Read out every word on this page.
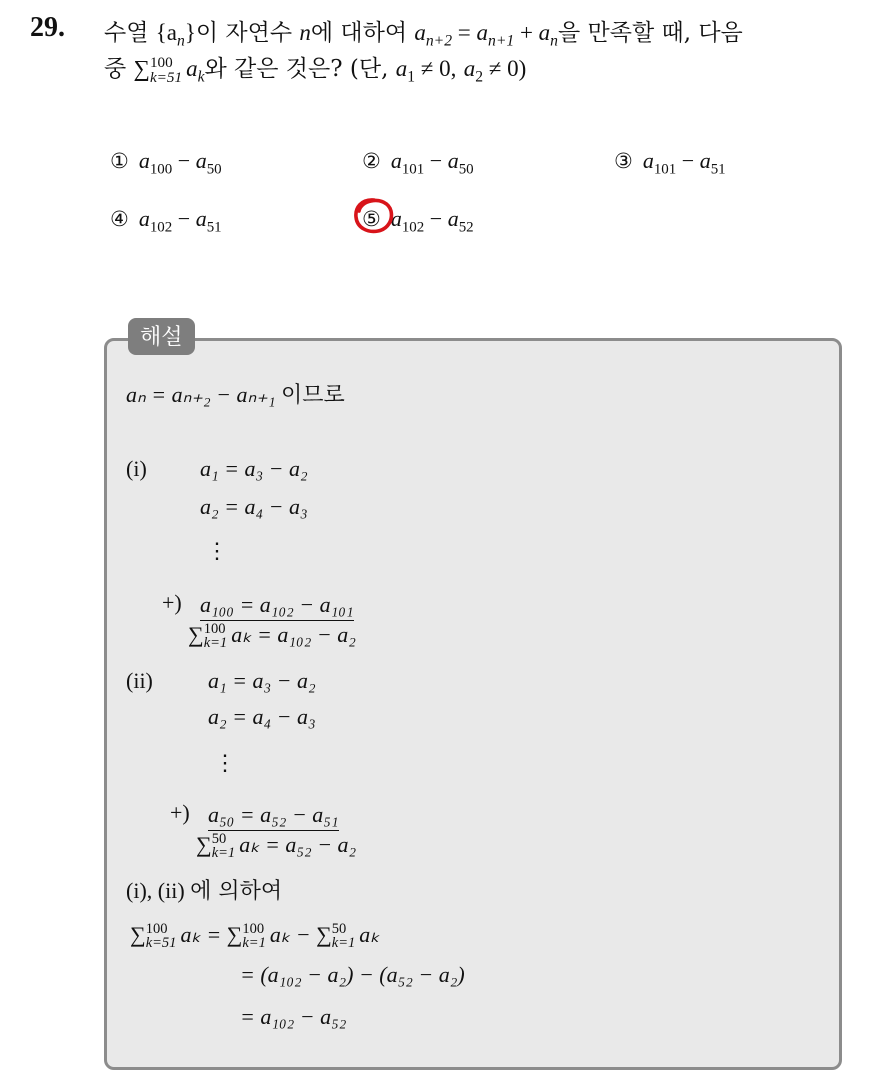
29. 수열 $\{a_n\}$이 자연수 n에 대하여 $a_{n+2} = a_{n+1} + a_n$을 만족할 때, 다음
중 ∑ 100
k=51 $a_k$와 같은 것은? (단, $a_1 \ne 0$, $a_2 \ne 0$)
① $a_{100} - a_{50}$	② $a_{101} - a_{50}$	③ $a_{101} - a_{51}$
④ $a_{102} - a_{51}$	⑤ $a_{102} - a_{52}$
해설
aₙ = aₙ₊₂ − aₙ₊₁ 이므로
(i) a₁ = a₃ − a₂
a₂ = a₄ − a₃
⋮
+) a₁₀₀ = a₁₀₂ − a₁₀₁
∑ 100
k=1 aₖ = a₁₀₂ − a₂
(ii)	a₁ = a₃ − a₂
a₂ = a₄ − a₃
⋮
+) a₅₀ = a₅₂ − a₅₁
∑ 50
k=1 aₖ = a₅₂ − a₂
(i), (ii) 에 의하여
∑ 100
k=51 aₖ = ∑ 100
k=1 aₖ − ∑ 50
k=1 aₖ
= (a₁₀₂ − a₂) − (a₅₂ − a₂)
= a₁₀₂ − a₅₂
